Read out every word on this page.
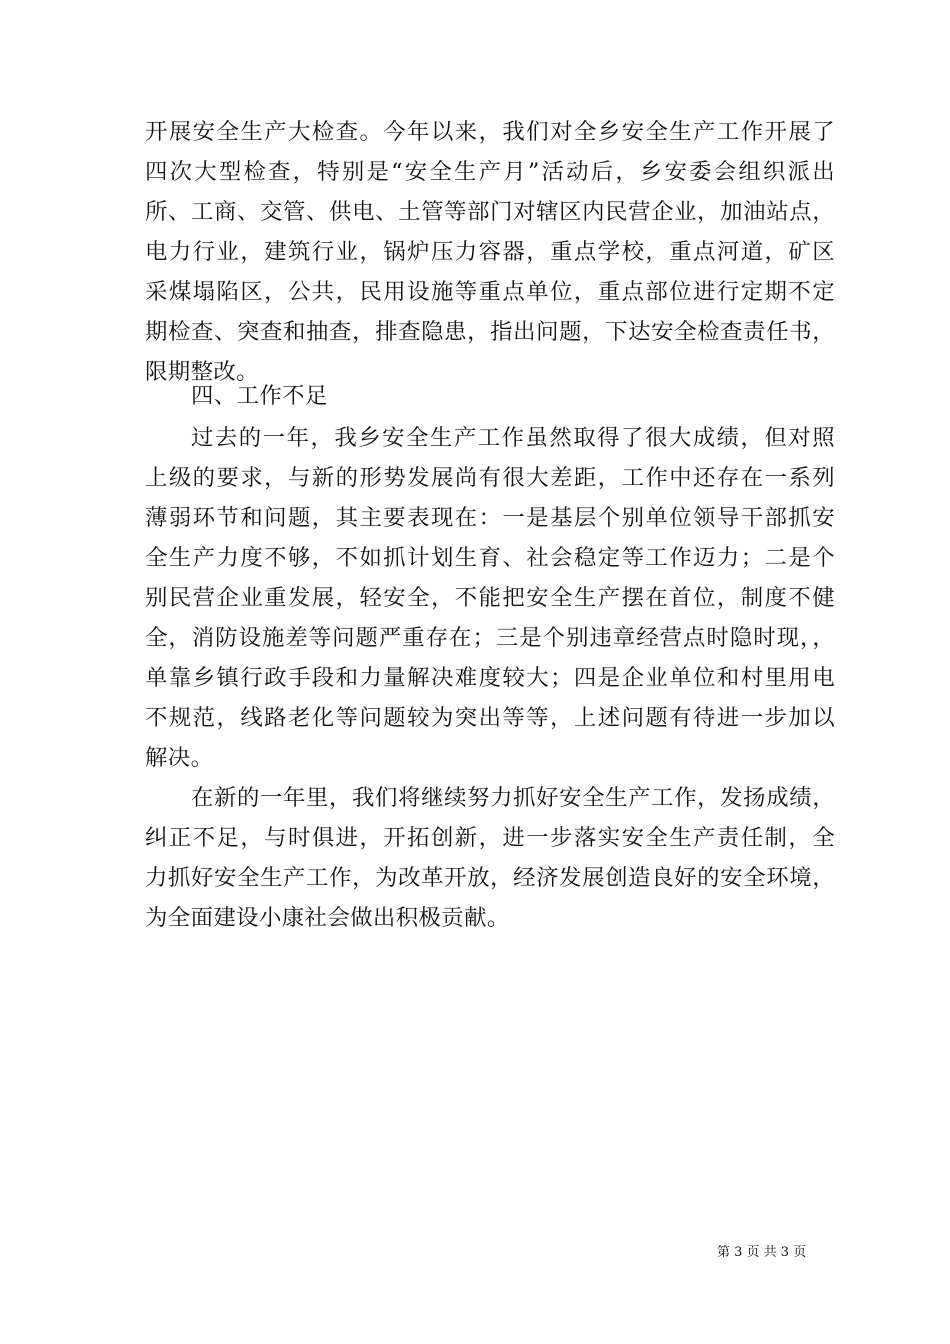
开展安全生产大检查。今年以来，我们对全乡安全生产工作开展了
四次大型检查，特别是“安全生产月”活动后，乡安委会组织派出
所、工商、交管、供电、土管等部门对辖区内民营企业，加油站点，
电力行业，建筑行业，锅炉压力容器，重点学校，重点河道，矿区
采煤塌陷区，公共，民用设施等重点单位，重点部位进行定期不定
期检查、突查和抽查，排查隐患，指出问题，下达安全检查责任书，
限期整改。
四、工作不足
过去的一年，我乡安全生产工作虽然取得了很大成绩，但对照
上级的要求，与新的形势发展尚有很大差距，工作中还存在一系列
薄弱环节和问题，其主要表现在：一是基层个别单位领导干部抓安
全生产力度不够，不如抓计划生育、社会稳定等工作迈力；二是个
别民营企业重发展，轻安全，不能把安全生产摆在首位，制度不健
全，消防设施差等问题严重存在；三是个别违章经营点时隐时现，，
单靠乡镇行政手段和力量解决难度较大；四是企业单位和村里用电
不规范，线路老化等问题较为突出等等，上述问题有待进一步加以
解决。
在新的一年里，我们将继续努力抓好安全生产工作，发扬成绩，
纠正不足，与时俱进，开拓创新，进一步落实安全生产责任制，全
力抓好安全生产工作，为改革开放，经济发展创造良好的安全环境，
为全面建设小康社会做出积极贡献。
第 3 页 共 3 页
